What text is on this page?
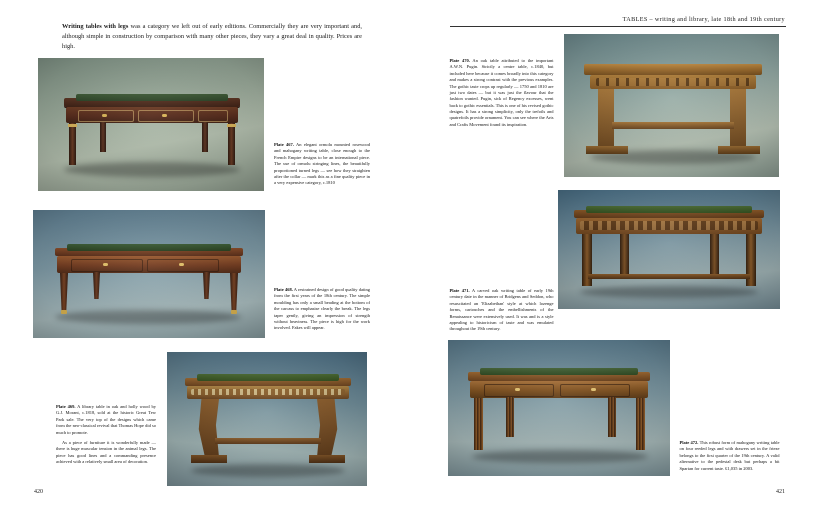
Writing tables with legs was a category we left out of early editions. Commercially they are very important and, although simple in construction by comparison with many other pieces, they vary a great deal in quality. Prices are high.
Plate 467. An elegant ormolu mounted rosewood and mahogany writing table, close enough to the French Empire designs to be an international piece. The use of ormolu stringing lines, the beautifully proportioned turned legs — see how they straighten after the collar — mark this as a fine quality piece in a very expensive category, c.1810
Plate 468. A restrained design of good quality dating from the first years of the 18th century. The simple moulding has only a small beading at the bottom of the carcass to emphasise clearly the break. The legs taper gently, giving an impression of strength without heaviness. The piece is high for the work involved. Fakes will appear.
Plate 469. A library table in oak and holly wood by G.J. Morant, c.1818, sold at the historic Great Tew Park sale. The very top of the designs which came from the neo-classical revival that Thomas Hope did so much to promote.
As a piece of furniture it is wonderfully made — there is huge muscular tension in the animal legs. The piece has good lines and a commanding presence achieved with a relatively small area of decoration.
420
TABLES – writing and library, late 18th and 19th century
Plate 470. An oak table attributed to the important A.W.N. Pugin. Strictly a centre table, c.1840, but included here because it comes broadly into this category and makes a strong contrast with the previous examples. The gothic taste crops up regularly — 1750 and 1810 are just two dates — but it was just the flavour that the fashion wanted. Pugin, sick of Regency excesses, went back to gothic essentials. This is one of his revised gothic designs. It has a strong simplicity, only the trefoils and quatrefoils provide ornament. You can see where the Arts and Crafts Movement found its inspiration.
Plate 471. A carved oak writing table of early 19th century date in the manner of Bridgens and Seddon, who resuscitated an 'Elizabethan' style at which lozenge forms, cartouches and the embellishments of the Renaissance were extensively used. It was and is a style appealing to historicism of taste and was emulated throughout the 19th century.
Plate 472. This robust form of mahogany writing table on four reeded legs and with drawers set in the frieze belongs to the first quarter of the 19th century. A valid alternative to the pedestal desk but perhaps a bit Spartan for current taste. £1,035 in 2003.
421
